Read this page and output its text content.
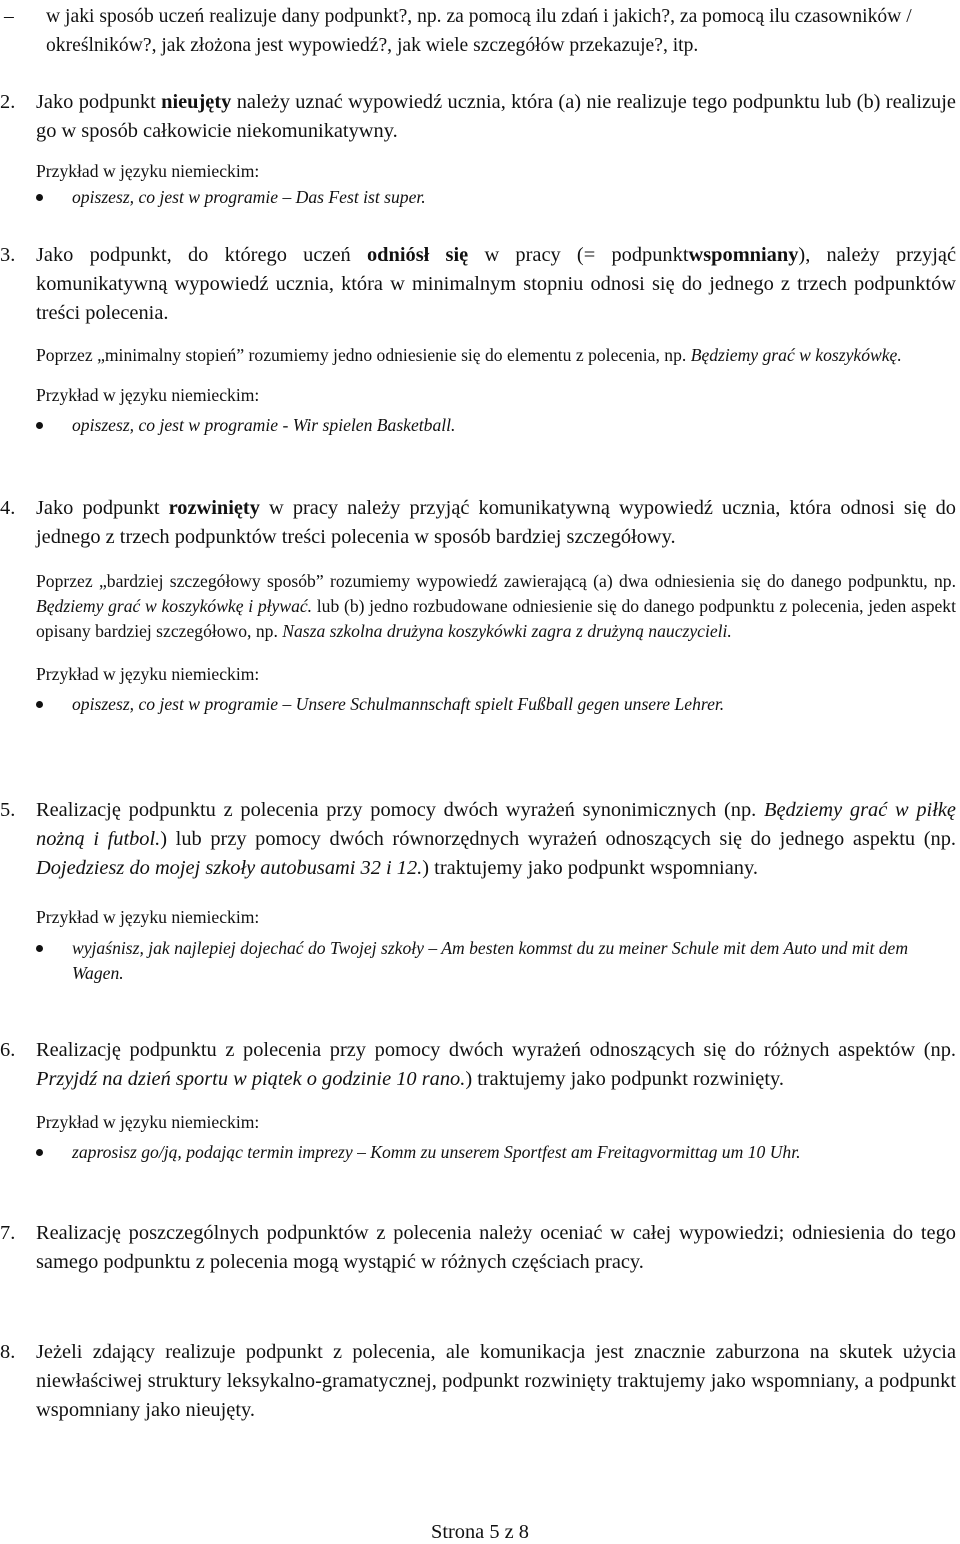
– w jaki sposób uczeń realizuje dany podpunkt?, np. za pomocą ilu zdań i jakich?, za pomocą ilu czasowników / określników?, jak złożona jest wypowiedź?, jak wiele szczegółów przekazuje?, itp.

2. Jako podpunkt nieujęty należy uznać wypowiedź ucznia, która (a) nie realizuje tego podpunktu lub (b) realizuje go w sposób całkowicie niekomunikatywny.

Przykład w języku niemieckim:

opiszesz, co jest w programie – Das Fest ist super.

3. Jako podpunkt, do którego uczeń odniósł się w pracy (= podpunktwspomniany), należy przyjąć komunikatywną wypowiedź ucznia, która w minimalnym stopniu odnosi się do jednego z trzech podpunktów treści polecenia.

Poprzez „minimalny stopień” rozumiemy jedno odniesienie się do elementu z polecenia, np. Będziemy grać w koszykówkę.

Przykład w języku niemieckim:

opiszesz, co jest w programie - Wir spielen Basketball.

4. Jako podpunkt rozwinięty w pracy należy przyjąć komunikatywną wypowiedź ucznia, która odnosi się do jednego z trzech podpunktów treści polecenia w sposób bardziej szczegółowy.

Poprzez „bardziej szczegółowy sposób” rozumiemy wypowiedź zawierającą (a) dwa odniesienia się do danego podpunktu, np. Będziemy grać w koszykówkę i pływać. lub (b) jedno rozbudowane odniesienie się do danego podpunktu z polecenia, jeden aspekt opisany bardziej szczegółowo, np. Nasza szkolna drużyna koszykówki zagra z drużyną nauczycieli.

Przykład w języku niemieckim:

opiszesz, co jest w programie – Unsere Schulmannschaft spielt Fußball gegen unsere Lehrer.

5. Realizację podpunktu z polecenia przy pomocy dwóch wyrażeń synonimicznych (np. Będziemy grać w piłkę nożną i futbol.) lub przy pomocy dwóch równorzędnych wyrażeń odnoszących się do jednego aspektu (np. Dojedziesz do mojej szkoły autobusami 32 i 12.) traktujemy jako podpunkt wspomniany.

Przykład w języku niemieckim:

wyjaśnisz, jak najlepiej dojechać do Twojej szkoły – Am besten kommst du zu meiner Schule mit dem Auto und mit dem Wagen.

6. Realizację podpunktu z polecenia przy pomocy dwóch wyrażeń odnoszących się do różnych aspektów (np. Przyjdź na dzień sportu w piątek o godzinie 10 rano.) traktujemy jako podpunkt rozwinięty.

Przykład w języku niemieckim:

zaprosisz go/ją, podając termin imprezy – Komm zu unserem Sportfest am Freitagvormittag um 10 Uhr.

7. Realizację poszczególnych podpunktów z polecenia należy oceniać w całej wypowiedzi; odniesienia do tego samego podpunktu z polecenia mogą wystąpić w różnych częściach pracy.

8. Jeżeli zdający realizuje podpunkt z polecenia, ale komunikacja jest znacznie zaburzona na skutek użycia niewłaściwej struktury leksykalno-gramatycznej, podpunkt rozwinięty traktujemy jako wspomniany, a podpunkt wspomniany jako nieujęty.

Strona 5 z 8
